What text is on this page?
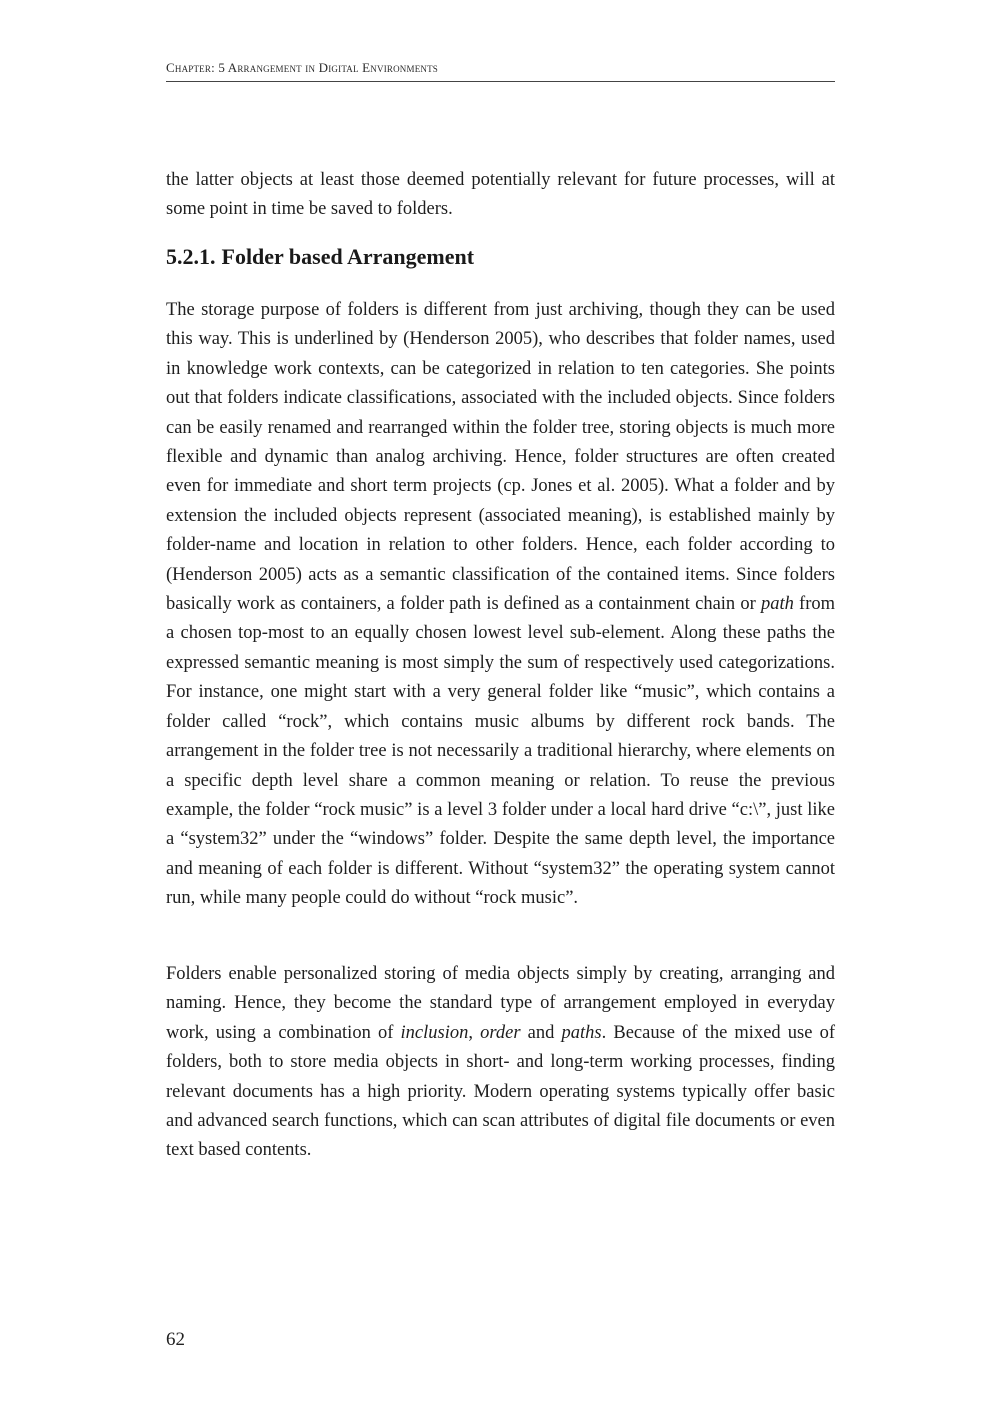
Chapter: 5 Arrangement in Digital Environments

the latter objects at least those deemed potentially relevant for future processes, will at some point in time be saved to folders.

5.2.1. Folder based Arrangement

The storage purpose of folders is different from just archiving, though they can be used this way. This is underlined by (Henderson 2005), who describes that folder names, used in knowledge work contexts, can be categorized in relation to ten categories. She points out that folders indicate classifications, associated with the included objects. Since folders can be easily renamed and rearranged within the folder tree, storing objects is much more flexible and dynamic than analog archiving. Hence, folder structures are often created even for immediate and short term projects (cp. Jones et al. 2005). What a folder and by extension the included objects represent (associated meaning), is established mainly by folder-name and location in relation to other folders. Hence, each folder according to (Henderson 2005) acts as a semantic classification of the contained items. Since folders basically work as containers, a folder path is defined as a containment chain or path from a chosen top-most to an equally chosen lowest level sub-element. Along these paths the expressed semantic meaning is most simply the sum of respectively used categorizations. For instance, one might start with a very general folder like “music”, which contains a folder called “rock”, which contains music albums by different rock bands. The arrangement in the folder tree is not necessarily a traditional hierarchy, where elements on a specific depth level share a common meaning or relation. To reuse the previous example, the folder “rock music” is a level 3 folder under a local hard drive “c:\”, just like a “system32” under the “windows” folder. Despite the same depth level, the importance and meaning of each folder is different. Without “system32” the operating system cannot run, while many people could do without “rock music”.

Folders enable personalized storing of media objects simply by creating, arranging and naming. Hence, they become the standard type of arrangement employed in everyday work, using a combination of inclusion, order and paths. Because of the mixed use of folders, both to store media objects in short- and long-term working processes, finding relevant documents has a high priority. Modern operating systems typically offer basic and advanced search functions, which can scan attributes of digital file documents or even text based contents.

62
